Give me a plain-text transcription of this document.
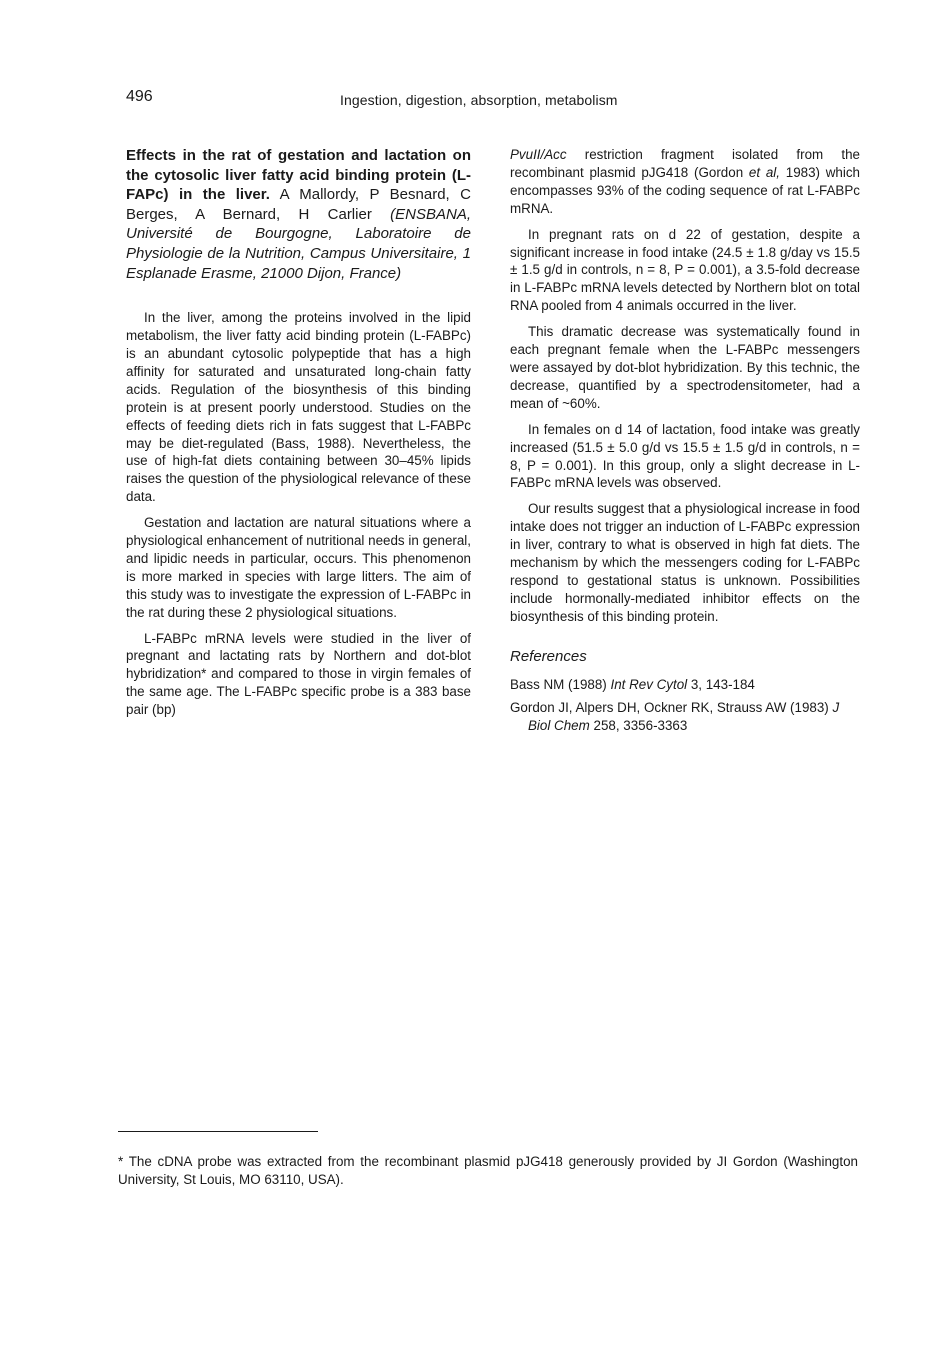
496	Ingestion, digestion, absorption, metabolism
Effects in the rat of gestation and lactation on the cytosolic liver fatty acid binding protein (L-FAPc) in the liver. A Mallordy, P Besnard, C Berges, A Bernard, H Carlier (ENSBANA, Université de Bourgogne, Laboratoire de Physiologie de la Nutrition, Campus Universitaire, 1 Esplanade Erasme, 21000 Dijon, France)

In the liver, among the proteins involved in the lipid metabolism, the liver fatty acid binding protein (L-FABPc) is an abundant cytosolic polypeptide that has a high affinity for saturated and unsaturated long-chain fatty acids. Regulation of the biosynthesis of this binding protein is at present poorly understood. Studies on the effects of feeding diets rich in fats suggest that L-FABPc may be diet-regulated (Bass, 1988). Nevertheless, the use of high-fat diets containing between 30–45% lipids raises the question of the physiological relevance of these data.

Gestation and lactation are natural situations where a physiological enhancement of nutritional needs in general, and lipidic needs in particular, occurs. This phenomenon is more marked in species with large litters. The aim of this study was to investigate the expression of L-FABPc in the rat during these 2 physiological situations.

L-FABPc mRNA levels were studied in the liver of pregnant and lactating rats by Northern and dot-blot hybridization* and compared to those in virgin females of the same age. The L-FABPc specific probe is a 383 base pair (bp)

PvuII/Acc restriction fragment isolated from the recombinant plasmid pJG418 (Gordon et al, 1983) which encompasses 93% of the coding sequence of rat L-FABPc mRNA.

In pregnant rats on d 22 of gestation, despite a significant increase in food intake (24.5 ± 1.8 g/day vs 15.5 ± 1.5 g/d in controls, n = 8, P = 0.001), a 3.5-fold decrease in L-FABPc mRNA levels detected by Northern blot on total RNA pooled from 4 animals occurred in the liver.

This dramatic decrease was systematically found in each pregnant female when the L-FABPc messengers were assayed by dot-blot hybridization. By this technic, the decrease, quantified by a spectrodensitometer, had a mean of ~60%.

In females on d 14 of lactation, food intake was greatly increased (51.5 ± 5.0 g/d vs 15.5 ± 1.5 g/d in controls, n = 8, P = 0.001). In this group, only a slight decrease in L-FABPc mRNA levels was observed.

Our results suggest that a physiological increase in food intake does not trigger an induction of L-FABPc expression in liver, contrary to what is observed in high fat diets. The mechanism by which the messengers coding for L-FABPc respond to gestational status is unknown. Possibilities include hormonally-mediated inhibitor effects on the biosynthesis of this binding protein.

References
Bass NM (1988) Int Rev Cytol 3, 143-184
Gordon JI, Alpers DH, Ockner RK, Strauss AW (1983) J Biol Chem 258, 3356-3363
* The cDNA probe was extracted from the recombinant plasmid pJG418 generously provided by JI Gordon (Washington University, St Louis, MO 63110, USA).
